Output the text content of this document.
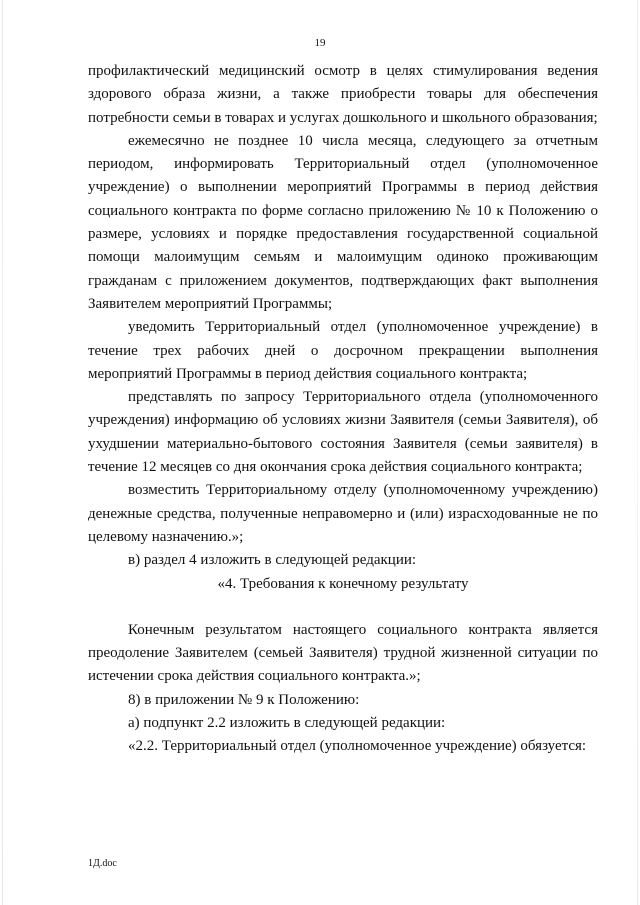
19

профилактический медицинский осмотр в целях стимулирования ведения здорового образа жизни, а также приобрести товары для обеспечения потребности семьи в товарах и услугах дошкольного и школьного образования;

ежемесячно не позднее 10 числа месяца, следующего за отчетным периодом, информировать Территориальный отдел (уполномоченное учреждение) о выполнении мероприятий Программы в период действия социального контракта по форме согласно приложению № 10 к Положению о размере, условиях и порядке предоставления государственной социальной помощи малоимущим семьям и малоимущим одиноко проживающим гражданам с приложением документов, подтверждающих факт выполнения Заявителем мероприятий Программы;

уведомить Территориальный отдел (уполномоченное учреждение) в течение трех рабочих дней о досрочном прекращении выполнения мероприятий Программы в период действия социального контракта;

представлять по запросу Территориального отдела (уполномоченного учреждения) информацию об условиях жизни Заявителя (семьи Заявителя), об ухудшении материально-бытового состояния Заявителя (семьи заявителя) в течение 12 месяцев со дня окончания срока действия социального контракта;

возместить Территориальному отделу (уполномоченному учреждению) денежные средства, полученные неправомерно и (или) израсходованные не по целевому назначению.»;

в) раздел 4 изложить в следующей редакции:

«4. Требования к конечному результату

Конечным результатом настоящего социального контракта является преодоление Заявителем (семьей Заявителя) трудной жизненной ситуации по истечении срока действия социального контракта.»;

8) в приложении № 9 к Положению:

а) подпункт 2.2 изложить в следующей редакции:

«2.2. Территориальный отдел (уполномоченное учреждение) обязуется:

1Д.doc
